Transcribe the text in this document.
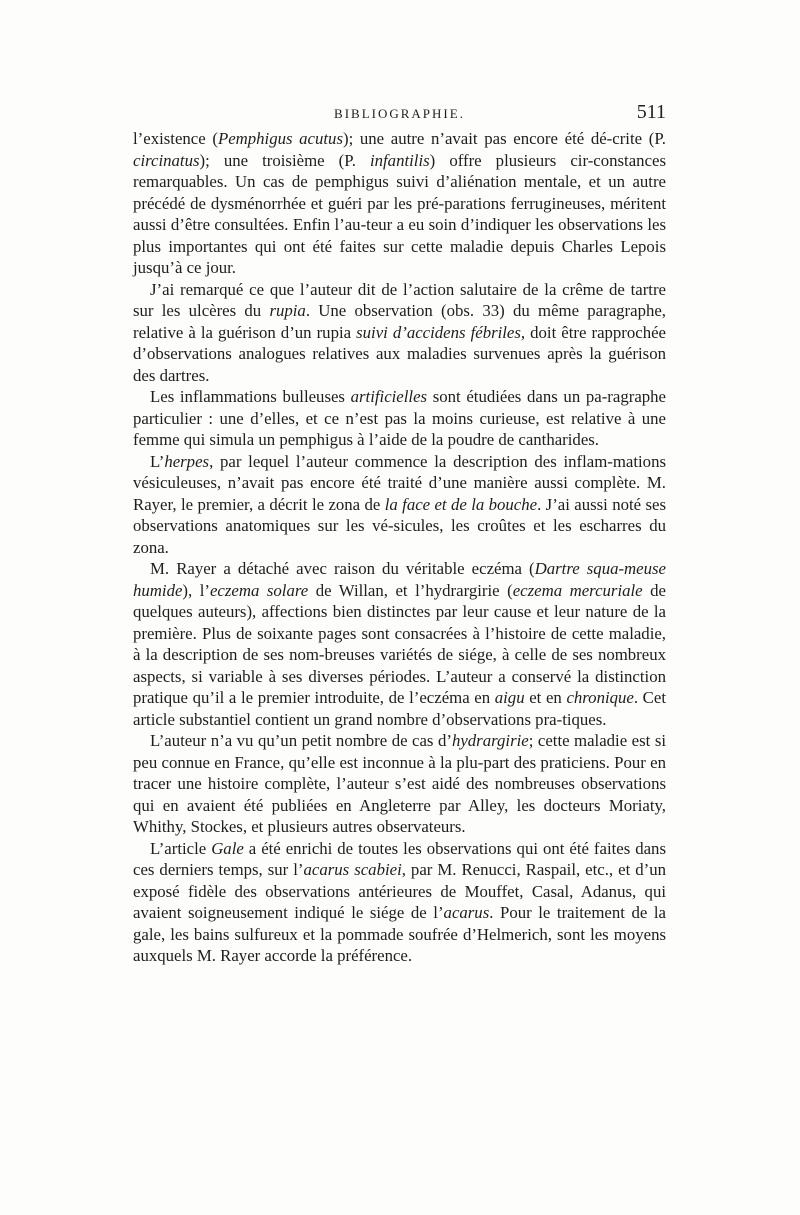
BIBLIOGRAPHIE.	511

l’existence (Pemphigus acutus); une autre n’avait pas encore été dé-crite (P. circinatus); une troisième (P. infantilis) offre plusieurs cir-constances remarquables. Un cas de pemphigus suivi d’aliénation mentale, et un autre précédé de dysménorrhée et guéri par les pré-parations ferrugineuses, méritent aussi d’être consultées. Enfin l’au-teur a eu soin d’indiquer les observations les plus importantes qui ont été faites sur cette maladie depuis Charles Lepois jusqu’à ce jour.

J’ai remarqué ce que l’auteur dit de l’action salutaire de la crême de tartre sur les ulcères du rupia. Une observation (obs. 33) du même paragraphe, relative à la guérison d’un rupia suivi d’accidens fébriles, doit être rapprochée d’observations analogues relatives aux maladies survenues après la guérison des dartres.

Les inflammations bulleuses artificielles sont étudiées dans un pa-ragraphe particulier : une d’elles, et ce n’est pas la moins curieuse, est relative à une femme qui simula un pemphigus à l’aide de la poudre de cantharides.

L’herpes, par lequel l’auteur commence la description des inflam-mations vésiculeuses, n’avait pas encore été traité d’une manière aussi complète. M. Rayer, le premier, a décrit le zona de la face et de la bouche. J’ai aussi noté ses observations anatomiques sur les vé-sicules, les croûtes et les escharres du zona.

M. Rayer a détaché avec raison du véritable eczéma (Dartre squa-meuse humide), l’eczema solare de Willan, et l’hydrargirie (eczema mercuriale de quelques auteurs), affections bien distinctes par leur cause et leur nature de la première. Plus de soixante pages sont consacrées à l’histoire de cette maladie, à la description de ses nom-breuses variétés de siége, à celle de ses nombreux aspects, si variable à ses diverses périodes. L’auteur a conservé la distinction pratique qu’il a le premier introduite, de l’eczéma en aigu et en chronique. Cet article substantiel contient un grand nombre d’observations pra-tiques.

L’auteur n’a vu qu’un petit nombre de cas d’hydrargirie; cette maladie est si peu connue en France, qu’elle est inconnue à la plu-part des praticiens. Pour en tracer une histoire complète, l’auteur s’est aidé des nombreuses observations qui en avaient été publiées en Angleterre par Alley, les docteurs Moriaty, Whithy, Stockes, et plusieurs autres observateurs.

L’article Gale a été enrichi de toutes les observations qui ont été faites dans ces derniers temps, sur l’acarus scabiei, par M. Renucci, Raspail, etc., et d’un exposé fidèle des observations antérieures de Mouffet, Casal, Adanus, qui avaient soigneusement indiqué le siége de l’acarus. Pour le traitement de la gale, les bains sulfureux et la pommade soufrée d’Helmerich, sont les moyens auxquels M. Rayer accorde la préférence.
